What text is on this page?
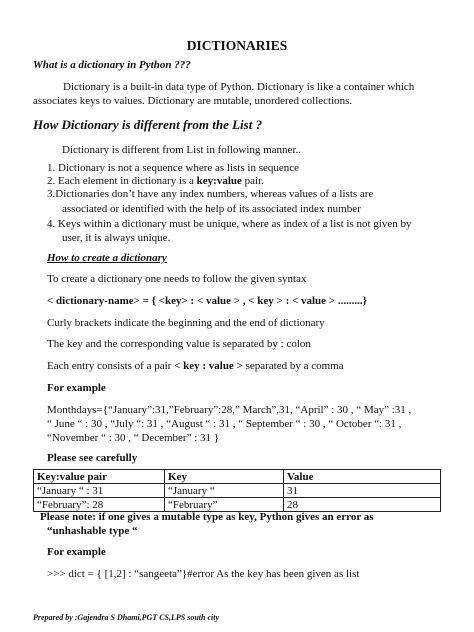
DICTIONARIES
What is a dictionary in Python ???
Dictionary is a built-in data type of Python. Dictionary is like a container which
associates keys to values. Dictionary are mutable, unordered collections.
How Dictionary is different from the List ?
Dictionary is different from List in following manner..
1. Dictionary is not a sequence where as lists in sequence
2. Each element in dictionary is a key:value pair.
3.Dictionaries don’t have any index numbers, whereas values of a lists are
associated or identified with the help of its associated index number
4. Keys within a dictionary must be unique, where as index of a list is not given by
user, it is always unique.
How to create a dictionary
To create a dictionary one needs to follow the given syntax
< dictionary-name> = { <key> : < value > , < key > : < value > .........}
Curly brackets indicate the beginning and the end of dictionary
The key and the corresponding value is separated by : colon
Each entry consists of a pair < key : value > separated by a comma
For example
Monthdays={“January”:31,”February”:28,” March”,31, “April” : 30 , “ May” :31 ,
“ June “ : 30 , “July “: 31 , “August “ : 31 , “ September “ : 30 , “ October “: 31 ,
“November “ : 30 , “ December” : 31 }
Please see carefully
Key:value pair	Key	Value
“January “ : 31	“January “	31
“February”: 28	“February”	28
Please note: if one gives a mutable type as key, Python gives an error as
“unhashable type “
For example
>>> dict = { [1,2] : “sangeeta”}#error As the key has been given as list
Prepared by :Gajendra S Dhami,PGT CS,LPS south city
